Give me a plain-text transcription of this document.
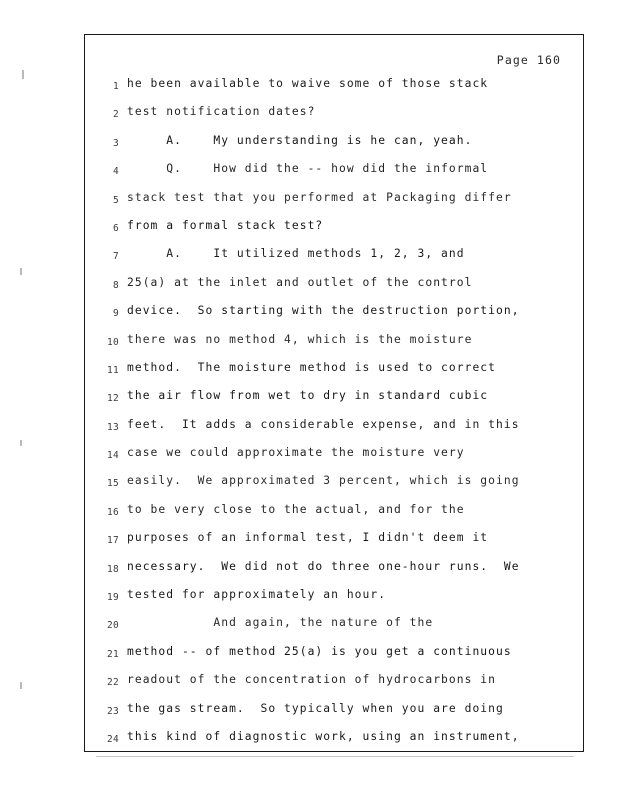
Page 160
1 he been available to waive some of those stack
2 test notification dates?
3 A.    My understanding is he can, yeah.
4 Q.    How did the -- how did the informal
5 stack test that you performed at Packaging differ
6 from a formal stack test?
7 A.    It utilized methods 1, 2, 3, and
8 25(a) at the inlet and outlet of the control
9 device.  So starting with the destruction portion,
10 there was no method 4, which is the moisture
11 method.  The moisture method is used to correct
12 the air flow from wet to dry in standard cubic
13 feet.  It adds a considerable expense, and in this
14 case we could approximate the moisture very
15 easily.  We approximated 3 percent, which is going
16 to be very close to the actual, and for the
17 purposes of an informal test, I didn't deem it
18 necessary.  We did not do three one-hour runs.  We
19 tested for approximately an hour.
20 And again, the nature of the
21 method -- of method 25(a) is you get a continuous
22 readout of the concentration of hydrocarbons in
23 the gas stream.  So typically when you are doing
24 this kind of diagnostic work, using an instrument,
